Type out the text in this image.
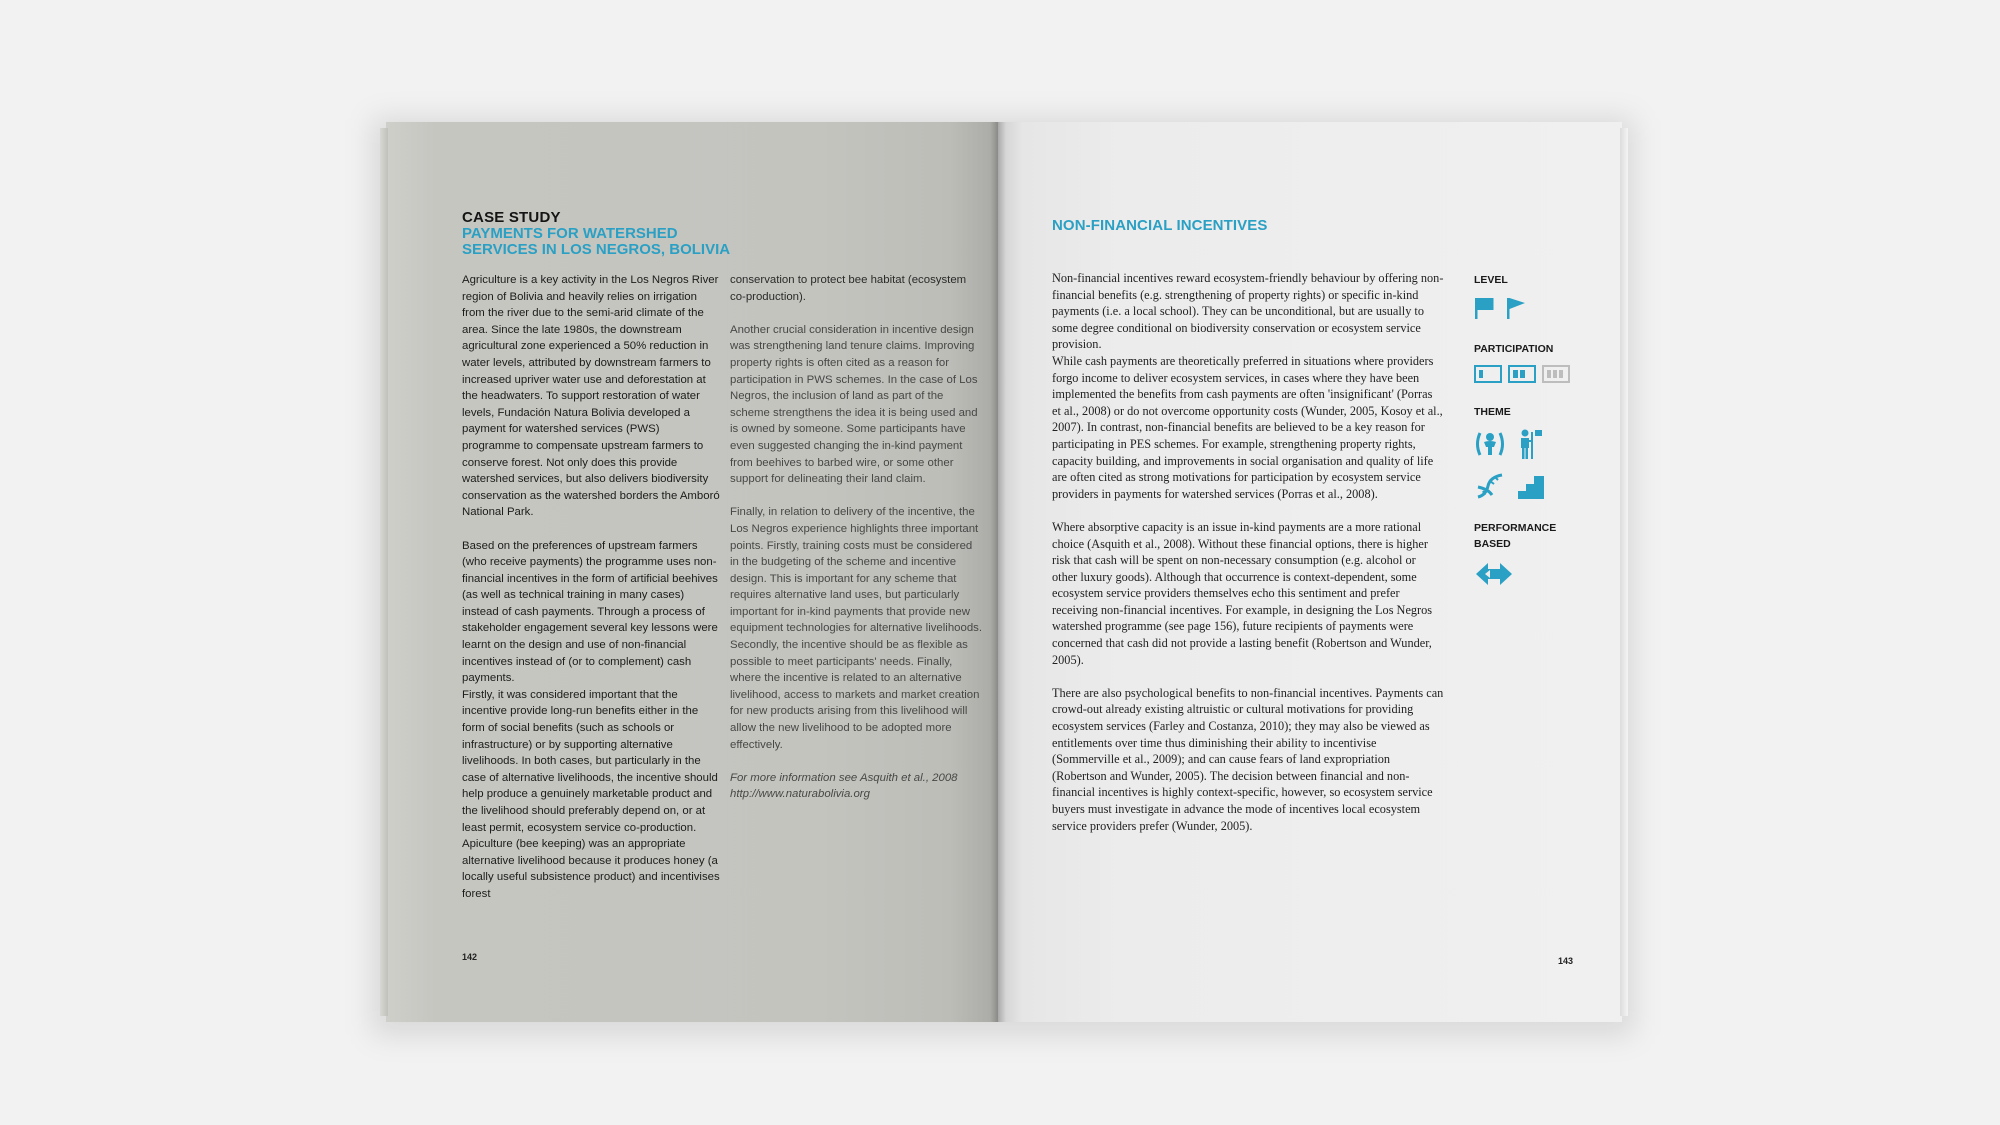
CASE STUDY
PAYMENTS FOR WATERSHED SERVICES IN LOS NEGROS, BOLIVIA

Agriculture is a key activity in the Los Negros River region of Bolivia and heavily relies on irrigation from the river due to the semi-arid climate of the area. Since the late 1980s, the downstream agricultural zone experienced a 50% reduction in water levels, attributed by downstream farmers to increased upriver water use and deforestation at the headwaters. To support restoration of water levels, Fundación Natura Bolivia developed a payment for watershed services (PWS) programme to compensate upstream farmers to conserve forest. Not only does this provide watershed services, but also delivers biodiversity conservation as the watershed borders the Amboró National Park.

Based on the preferences of upstream farmers (who receive payments) the programme uses non-financial incentives in the form of artificial beehives (as well as technical training in many cases) instead of cash payments. Through a process of stakeholder engagement several key lessons were learnt on the design and use of non-financial incentives instead of (or to complement) cash payments.

Firstly, it was considered important that the incentive provide long-run benefits either in the form of social benefits (such as schools or infrastructure) or by supporting alternative livelihoods. In both cases, but particularly in the case of alternative livelihoods, the incentive should help produce a genuinely marketable product and the livelihood should preferably depend on, or at least permit, ecosystem service co-production. Apiculture (bee keeping) was an appropriate alternative livelihood because it produces honey (a locally useful subsistence product) and incentivises forest

conservation to protect bee habitat (ecosystem co-production).

Another crucial consideration in incentive design was strengthening land tenure claims. Improving property rights is often cited as a reason for participation in PWS schemes. In the case of Los Negros, the inclusion of land as part of the scheme strengthens the idea it is being used and is owned by someone. Some participants have even suggested changing the in-kind payment from beehives to barbed wire, or some other support for delineating their land claim.

Finally, in relation to delivery of the incentive, the Los Negros experience highlights three important points. Firstly, training costs must be considered in the budgeting of the scheme and incentive design. This is important for any scheme that requires alternative land uses, but particularly important for in-kind payments that provide new equipment technologies for alternative livelihoods. Secondly, the incentive should be as flexible as possible to meet participants' needs. Finally, where the incentive is related to an alternative livelihood, access to markets and market creation for new products arising from this livelihood will allow the new livelihood to be adopted more effectively.

For more information see Asquith et al., 2008

http://www.naturabolivia.org

142
NON-FINANCIAL INCENTIVES

Non-financial incentives reward ecosystem-friendly behaviour by offering non-financial benefits (e.g. strengthening of property rights) or specific in-kind payments (i.e. a local school). They can be unconditional, but are usually to some degree conditional on biodiversity conservation or ecosystem service provision.

While cash payments are theoretically preferred in situations where providers forgo income to deliver ecosystem services, in cases where they have been implemented the benefits from cash payments are often 'insignificant' (Porras et al., 2008) or do not overcome opportunity costs (Wunder, 2005, Kosoy et al., 2007). In contrast, non-financial benefits are believed to be a key reason for participating in PES schemes. For example, strengthening property rights, capacity building, and improvements in social organisation and quality of life are often cited as strong motivations for participation by ecosystem service providers in payments for watershed services (Porras et al., 2008).

Where absorptive capacity is an issue in-kind payments are a more rational choice (Asquith et al., 2008). Without these financial options, there is higher risk that cash will be spent on non-necessary consumption (e.g. alcohol or other luxury goods). Although that occurrence is context-dependent, some ecosystem service providers themselves echo this sentiment and prefer receiving non-financial incentives. For example, in designing the Los Negros watershed programme (see page 156), future recipients of payments were concerned that cash did not provide a lasting benefit (Robertson and Wunder, 2005).

There are also psychological benefits to non-financial incentives. Payments can crowd-out already existing altruistic or cultural motivations for providing ecosystem services (Farley and Costanza, 2010); they may also be viewed as entitlements over time thus diminishing their ability to incentivise (Sommerville et al., 2009); and can cause fears of land expropriation (Robertson and Wunder, 2005). The decision between financial and non-financial incentives is highly context-specific, however, so ecosystem service buyers must investigate in advance the mode of incentives local ecosystem service providers prefer (Wunder, 2005).

LEVEL
PARTICIPATION
THEME
PERFORMANCE BASED
143
